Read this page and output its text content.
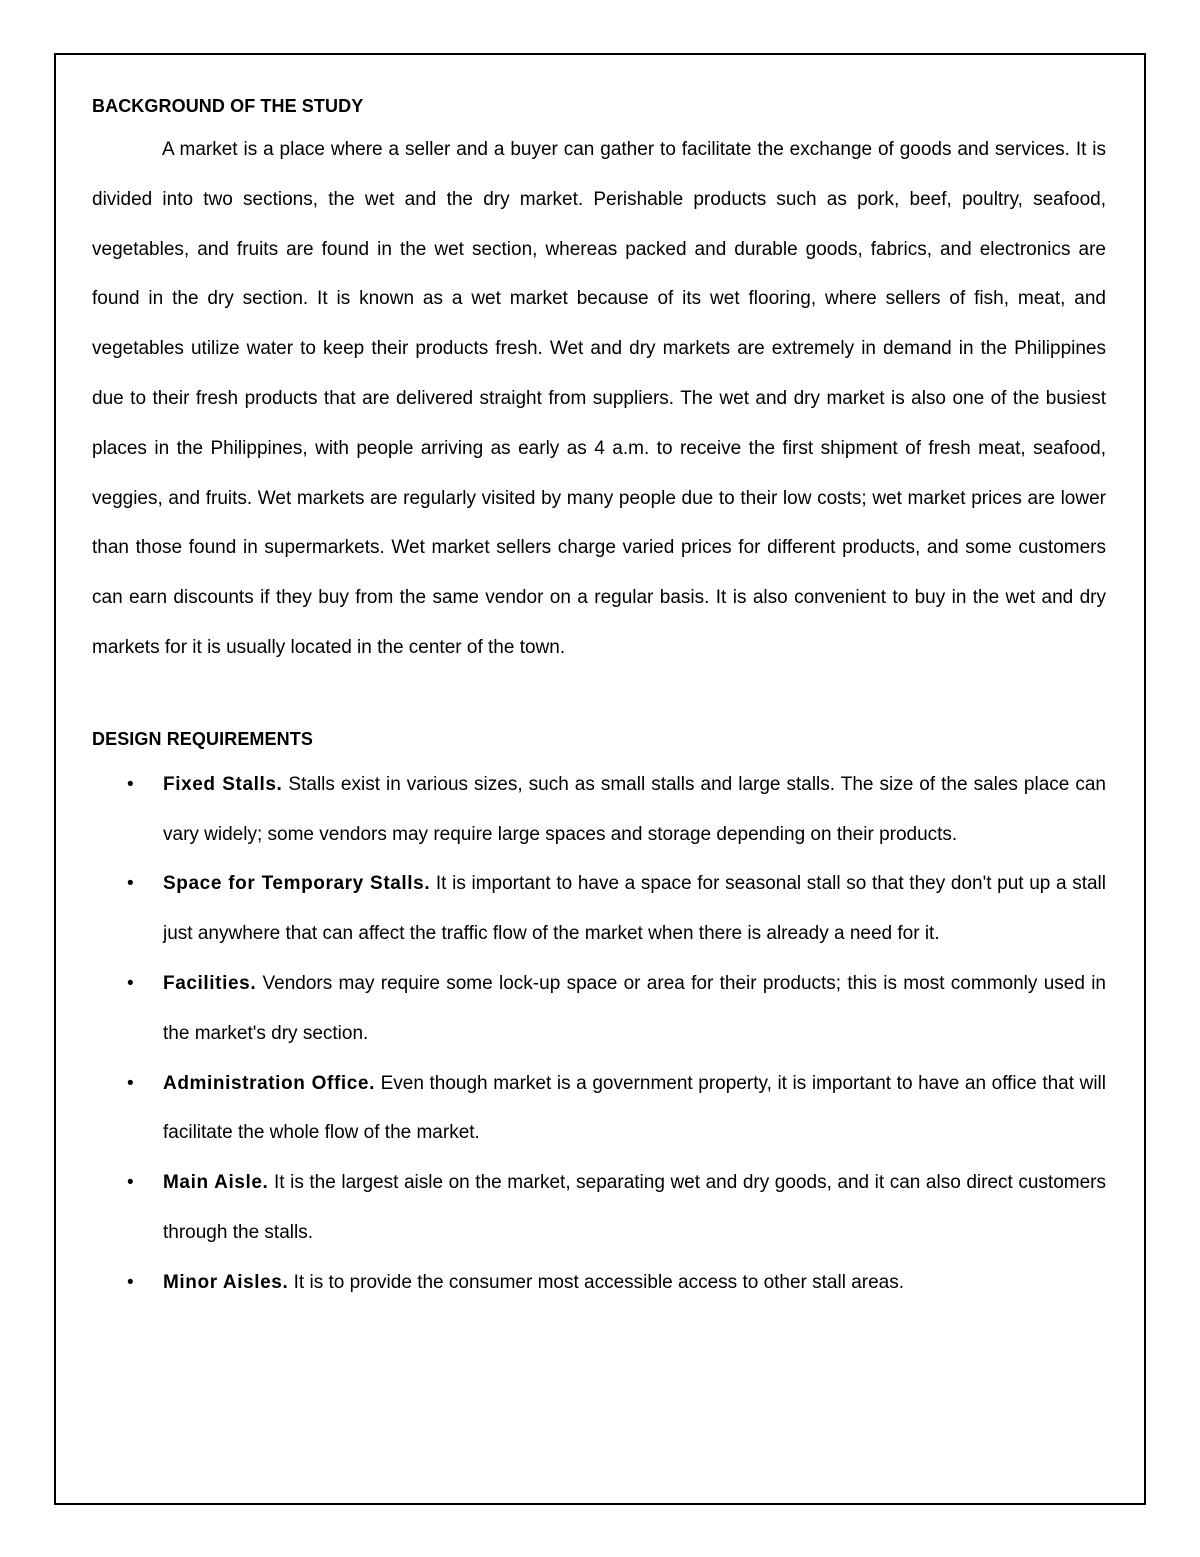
BACKGROUND OF THE STUDY

A market is a place where a seller and a buyer can gather to facilitate the exchange of goods and services. It is divided into two sections, the wet and the dry market. Perishable products such as pork, beef, poultry, seafood, vegetables, and fruits are found in the wet section, whereas packed and durable goods, fabrics, and electronics are found in the dry section. It is known as a wet market because of its wet flooring, where sellers of fish, meat, and vegetables utilize water to keep their products fresh. Wet and dry markets are extremely in demand in the Philippines due to their fresh products that are delivered straight from suppliers. The wet and dry market is also one of the busiest places in the Philippines, with people arriving as early as 4 a.m. to receive the first shipment of fresh meat, seafood, veggies, and fruits. Wet markets are regularly visited by many people due to their low costs; wet market prices are lower than those found in supermarkets. Wet market sellers charge varied prices for different products, and some customers can earn discounts if they buy from the same vendor on a regular basis. It is also convenient to buy in the wet and dry markets for it is usually located in the center of the town.

DESIGN REQUIREMENTS
• Fixed Stalls. Stalls exist in various sizes, such as small stalls and large stalls. The size of the sales place can vary widely; some vendors may require large spaces and storage depending on their products.
• Space for Temporary Stalls. It is important to have a space for seasonal stall so that they don't put up a stall just anywhere that can affect the traffic flow of the market when there is already a need for it.
• Facilities. Vendors may require some lock-up space or area for their products; this is most commonly used in the market's dry section.
• Administration Office. Even though market is a government property, it is important to have an office that will facilitate the whole flow of the market.
• Main Aisle. It is the largest aisle on the market, separating wet and dry goods, and it can also direct customers through the stalls.
• Minor Aisles. It is to provide the consumer most accessible access to other stall areas.
